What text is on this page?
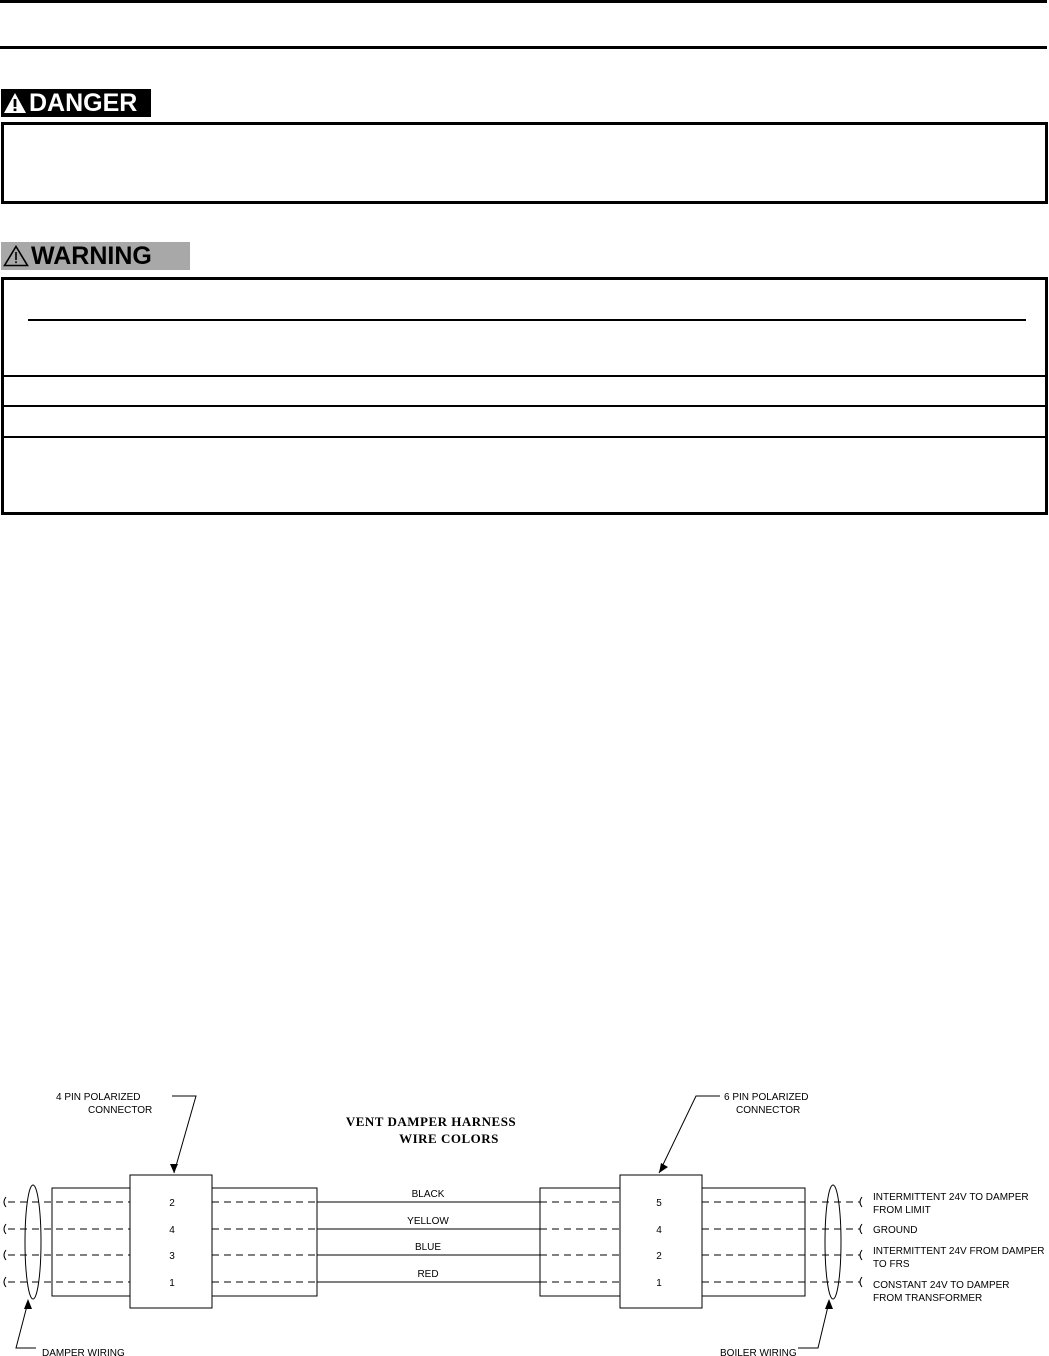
DANGER
WARNING
4 PIN POLARIZED
CONNECTOR
6 PIN POLARIZED
CONNECTOR
VENT DAMPER HARNESS
WIRE COLORS
BLACK
YELLOW
BLUE
RED
2
4
3
1
5
4
2
1
INTERMITTENT 24V TO DAMPER
FROM LIMIT
GROUND
INTERMITTENT 24V FROM DAMPER
TO FRS
CONSTANT 24V TO DAMPER
FROM TRANSFORMER
DAMPER WIRING	BOILER WIRING
